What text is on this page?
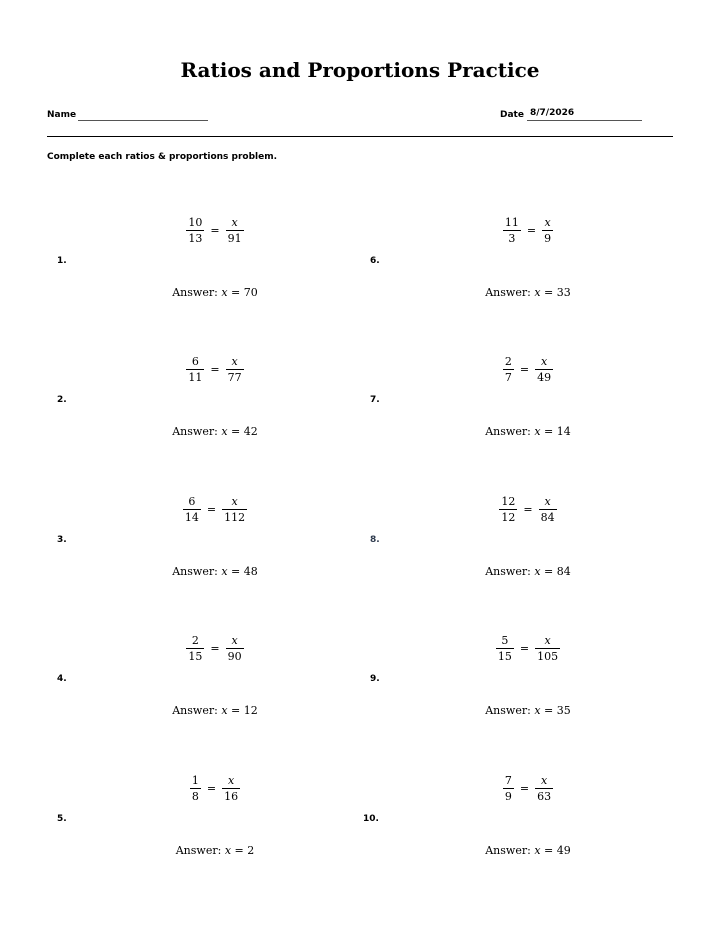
Ratios and Proportions Practice
Name	Date 8/7/2026
Complete each ratios & proportions problem.
1.
$\frac{10}{13} = \frac{x}{91}$
Answer: x = 70
2.
$\frac{6}{11} = \frac{x}{77}$
Answer: x = 42
3.
$\frac{6}{14} = \frac{x}{112}$
Answer: x = 48
4.
$\frac{2}{15} = \frac{x}{90}$
Answer: x = 12
5.
$\frac{1}{8} = \frac{x}{16}$
Answer: x = 2
6.
$\frac{11}{3} = \frac{x}{9}$
Answer: x = 33
7.
$\frac{2}{7} = \frac{x}{49}$
Answer: x = 14
8.
$\frac{12}{12} = \frac{x}{84}$
Answer: x = 84
9.
$\frac{5}{15} = \frac{x}{105}$
Answer: x = 35
10.
$\frac{7}{9} = \frac{x}{63}$
Answer: x = 49
